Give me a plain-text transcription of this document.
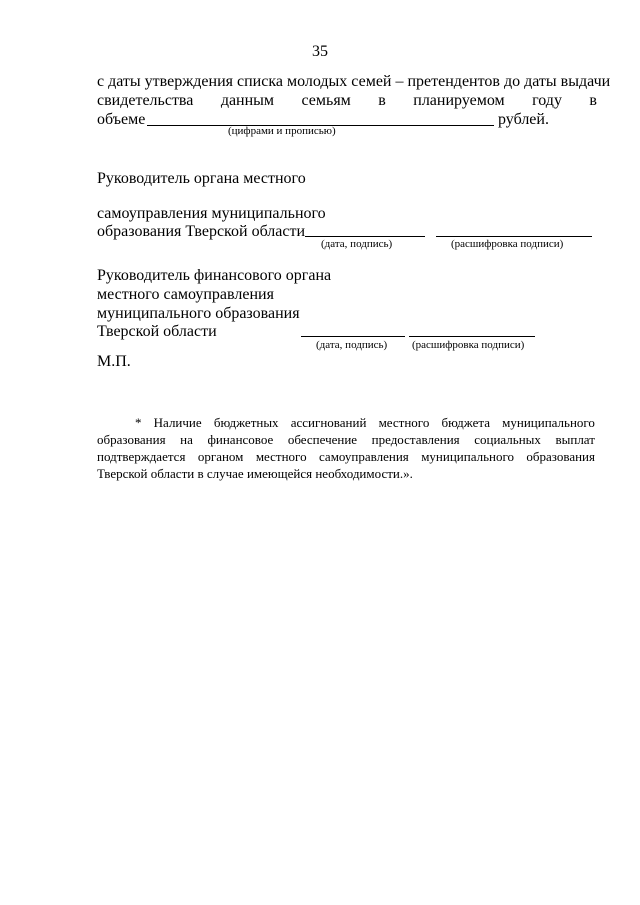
35
с даты утверждения списка молодых семей – претендентов до даты выдачи
свидетельства данным семьям в планируемом году в
объеме	рублей.
(цифрами и прописью)
Руководитель органа местного
самоуправления муниципального
образования Тверской области
(дата, подпись)	(расшифровка подписи)
Руководитель финансового органа
местного самоуправления
муниципального образования
Тверской области
(дата, подпись) (расшифровка подписи)
М.П.
* Наличие бюджетных ассигнований местного бюджета муниципального
образования на финансовое обеспечение предоставления социальных выплат
подтверждается органом местного самоуправления муниципального образования
Тверской области в случае имеющейся необходимости.».
